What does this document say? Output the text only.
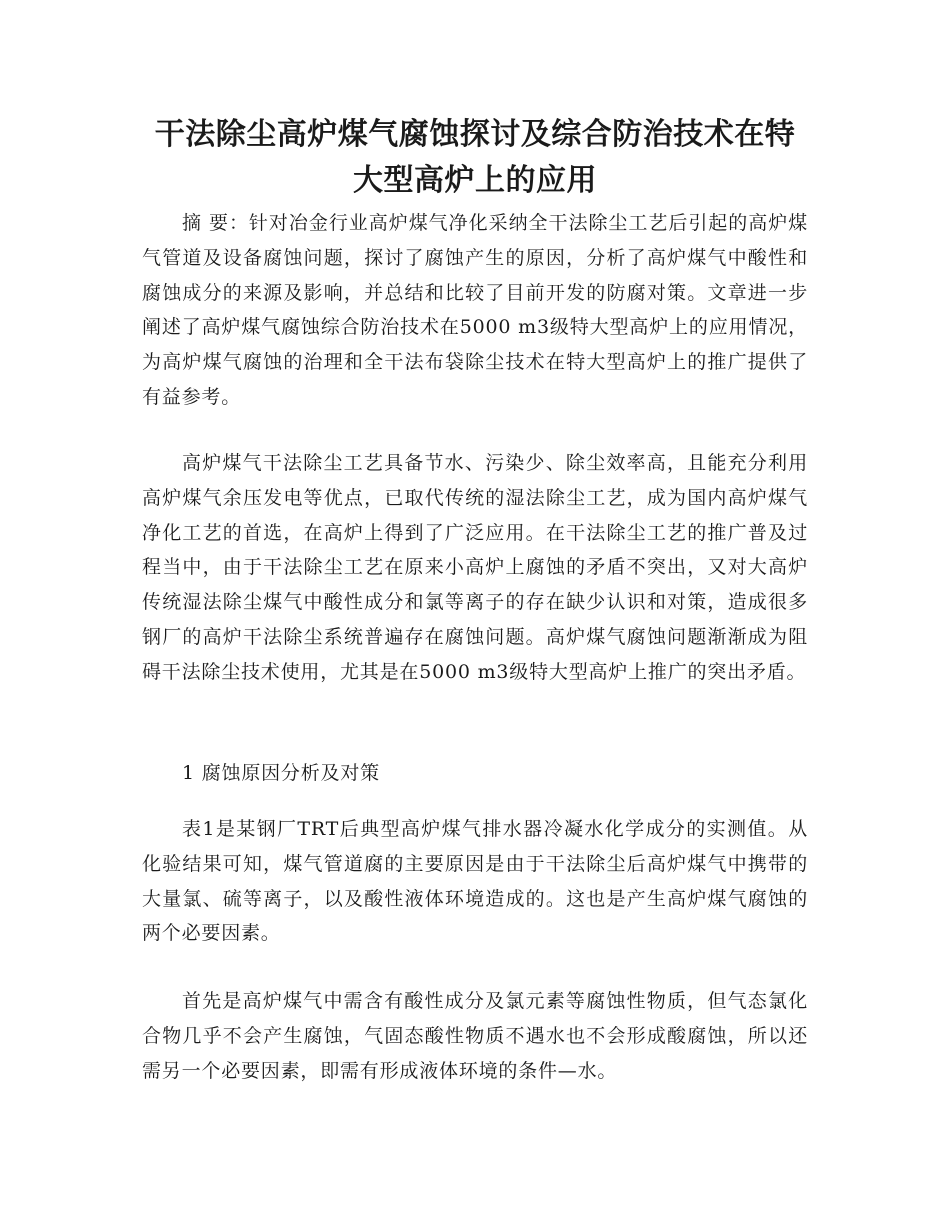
干法除尘高炉煤气腐蚀探讨及综合防治技术在特大型高炉上的应用

摘 要：针对冶金行业高炉煤气净化采纳全干法除尘工艺后引起的高炉煤气管道及设备腐蚀问题，探讨了腐蚀产生的原因，分析了高炉煤气中酸性和腐蚀成分的来源及影响，并总结和比较了目前开发的防腐对策。文章进一步阐述了高炉煤气腐蚀综合防治技术在5000 m3级特大型高炉上的应用情况，为高炉煤气腐蚀的治理和全干法布袋除尘技术在特大型高炉上的推广提供了有益参考。

高炉煤气干法除尘工艺具备节水、污染少、除尘效率高，且能充分利用高炉煤气余压发电等优点，已取代传统的湿法除尘工艺，成为国内高炉煤气净化工艺的首选，在高炉上得到了广泛应用。在干法除尘工艺的推广普及过程当中，由于干法除尘工艺在原来小高炉上腐蚀的矛盾不突出，又对大高炉传统湿法除尘煤气中酸性成分和氯等离子的存在缺少认识和对策，造成很多钢厂的高炉干法除尘系统普遍存在腐蚀问题。高炉煤气腐蚀问题渐渐成为阻碍干法除尘技术使用，尤其是在5000 m3级特大型高炉上推广的突出矛盾。

1 腐蚀原因分析及对策

表1是某钢厂TRT后典型高炉煤气排水器冷凝水化学成分的实测值。从化验结果可知，煤气管道腐的主要原因是由于干法除尘后高炉煤气中携带的大量氯、硫等离子，以及酸性液体环境造成的。这也是产生高炉煤气腐蚀的两个必要因素。

首先是高炉煤气中需含有酸性成分及氯元素等腐蚀性物质，但气态氯化合物几乎不会产生腐蚀，气固态酸性物质不遇水也不会形成酸腐蚀，所以还需另一个必要因素，即需有形成液体环境的条件—水。
